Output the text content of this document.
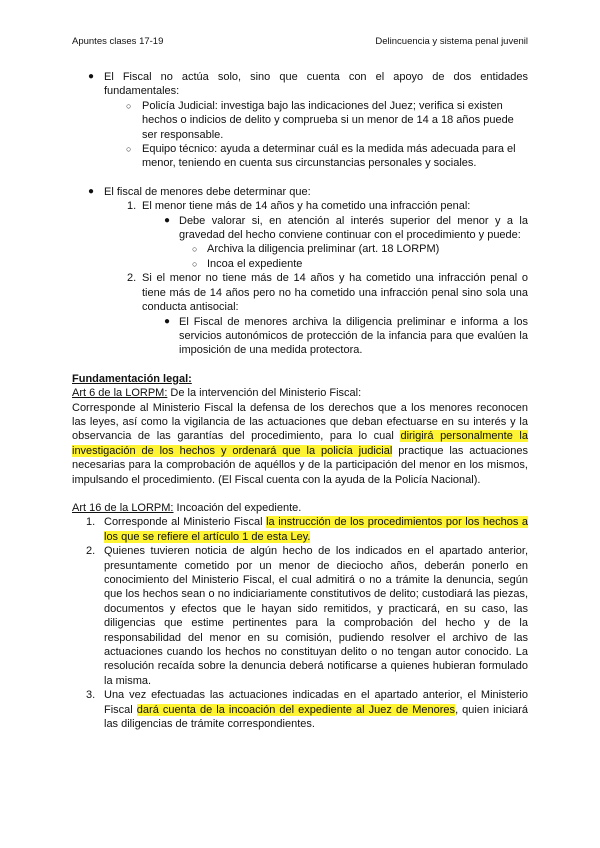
Apuntes clases 17-19	Delincuencia y sistema penal juvenil
● El Fiscal no actúa solo, sino que cuenta con el apoyo de dos entidades fundamentales:
○ Policía Judicial: investiga bajo las indicaciones del Juez; verifica si existen hechos o indicios de delito y comprueba si un menor de 14 a 18 años puede ser responsable.
○ Equipo técnico: ayuda a determinar cuál es la medida más adecuada para el menor, teniendo en cuenta sus circunstancias personales y sociales.
● El fiscal de menores debe determinar que:
1. El menor tiene más de 14 años y ha cometido una infracción penal:
● Debe valorar si, en atención al interés superior del menor y a la gravedad del hecho conviene continuar con el procedimiento y puede:
○ Archiva la diligencia preliminar (art. 18 LORPM)
○ Incoa el expediente
2. Si el menor no tiene más de 14 años y ha cometido una infracción penal o tiene más de 14 años pero no ha cometido una infracción penal sino sola una conducta antisocial:
● El Fiscal de menores archiva la diligencia preliminar e informa a los servicios autonómicos de protección de la infancia para que evalúen la imposición de una medida protectora.
Fundamentación legal:
Art 6 de la LORPM: De la intervención del Ministerio Fiscal:
Corresponde al Ministerio Fiscal la defensa de los derechos que a los menores reconocen las leyes, así como la vigilancia de las actuaciones que deban efectuarse en su interés y la observancia de las garantías del procedimiento, para lo cual dirigirá personalmente la investigación de los hechos y ordenará que la policía judicial practique las actuaciones necesarias para la comprobación de aquéllos y de la participación del menor en los mismos, impulsando el procedimiento. (El Fiscal cuenta con la ayuda de la Policía Nacional).
Art 16 de la LORPM: Incoación del expediente.
1. Corresponde al Ministerio Fiscal la instrucción de los procedimientos por los hechos a los que se refiere el artículo 1 de esta Ley.
2. Quienes tuvieren noticia de algún hecho de los indicados en el apartado anterior, presuntamente cometido por un menor de dieciocho años, deberán ponerlo en conocimiento del Ministerio Fiscal, el cual admitirá o no a trámite la denuncia, según que los hechos sean o no indiciariamente constitutivos de delito; custodiará las piezas, documentos y efectos que le hayan sido remitidos, y practicará, en su caso, las diligencias que estime pertinentes para la comprobación del hecho y de la responsabilidad del menor en su comisión, pudiendo resolver el archivo de las actuaciones cuando los hechos no constituyan delito o no tengan autor conocido. La resolución recaída sobre la denuncia deberá notificarse a quienes hubieran formulado la misma.
3. Una vez efectuadas las actuaciones indicadas en el apartado anterior, el Ministerio Fiscal dará cuenta de la incoación del expediente al Juez de Menores, quien iniciará las diligencias de trámite correspondientes.
